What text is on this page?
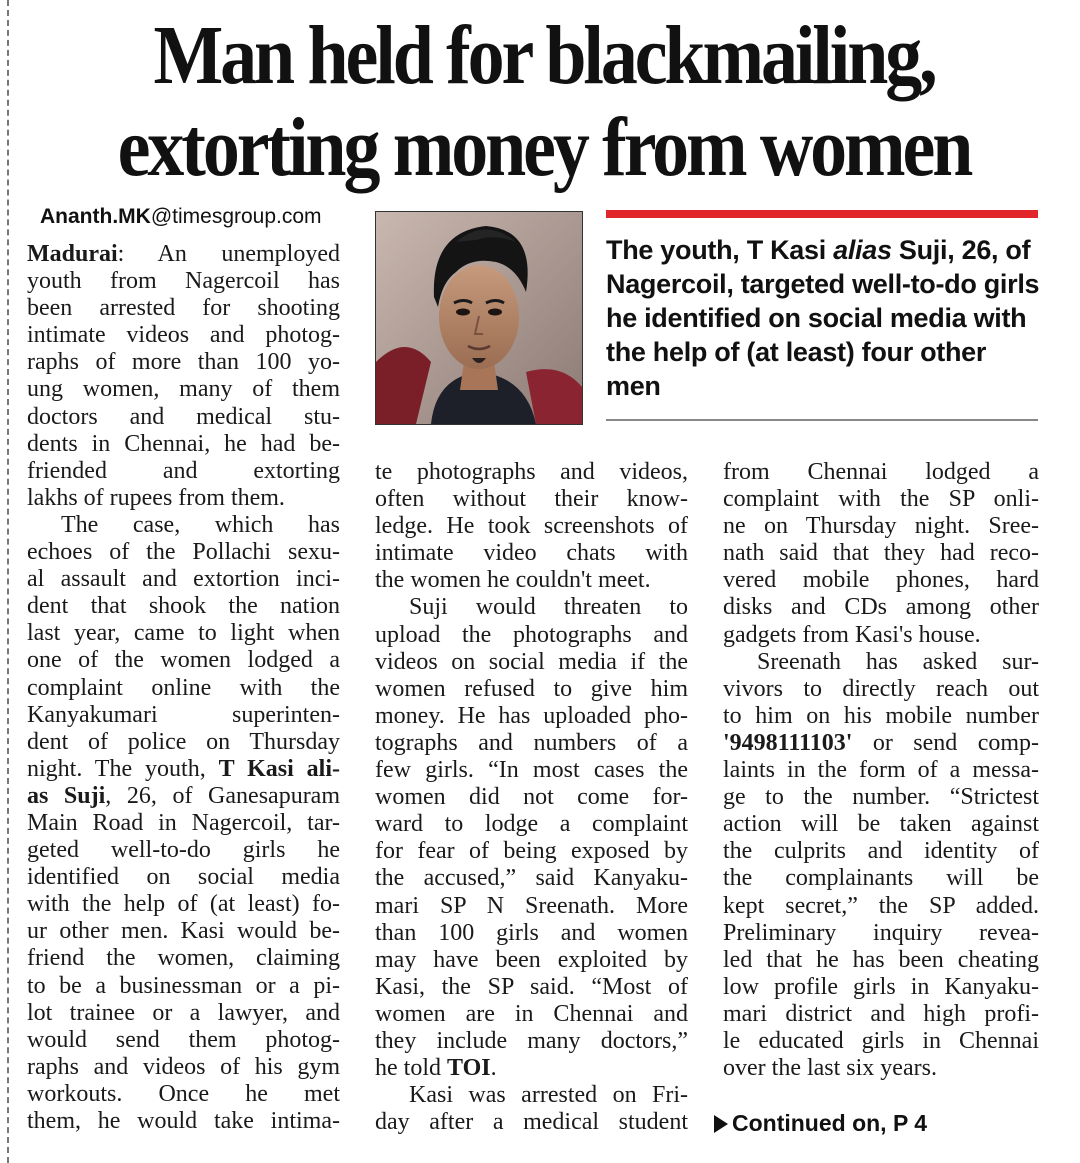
Man held for blackmailing,
extorting money from women
Ananth.MK@timesgroup.com
The youth, T Kasi alias Suji, 26, of Nagercoil, targeted well-to-do girls he identified on social media with the help of (at least) four other men
Madurai: An unemployed
youth from Nagercoil has
been arrested for shooting
intimate videos and photog-
raphs of more than 100 yo-
ung women, many of them
doctors and medical stu-
dents in Chennai, he had be-
friended and extorting
lakhs of rupees from them.
The case, which has
echoes of the Pollachi sexu-
al assault and extortion inci-
dent that shook the nation
last year, came to light when
one of the women lodged a
complaint online with the
Kanyakumari superinten-
dent of police on Thursday
night. The youth, T Kasi ali-
as Suji, 26, of Ganesapuram
Main Road in Nagercoil, tar-
geted well-to-do girls he
identified on social media
with the help of (at least) fo-
ur other men. Kasi would be-
friend the women, claiming
to be a businessman or a pi-
lot trainee or a lawyer, and
would send them photog-
raphs and videos of his gym
workouts. Once he met
them, he would take intima-
te photographs and videos,
often without their know-
ledge. He took screenshots of
intimate video chats with
the women he couldn't meet.
Suji would threaten to
upload the photographs and
videos on social media if the
women refused to give him
money. He has uploaded pho-
tographs and numbers of a
few girls. “In most cases the
women did not come for-
ward to lodge a complaint
for fear of being exposed by
the accused,” said Kanyaku-
mari SP N Sreenath. More
than 100 girls and women
may have been exploited by
Kasi, the SP said. “Most of
women are in Chennai and
they include many doctors,”
he told TOI.
Kasi was arrested on Fri-
day after a medical student
from Chennai lodged a
complaint with the SP onli-
ne on Thursday night. Sree-
nath said that they had reco-
vered mobile phones, hard
disks and CDs among other
gadgets from Kasi's house.
Sreenath has asked sur-
vivors to directly reach out
to him on his mobile number
'9498111103' or send comp-
laints in the form of a messa-
ge to the number. “Strictest
action will be taken against
the culprits and identity of
the complainants will be
kept secret,” the SP added.
Preliminary inquiry revea-
led that he has been cheating
low profile girls in Kanyaku-
mari district and high profi-
le educated girls in Chennai
over the last six years.
Continued on, P 4
